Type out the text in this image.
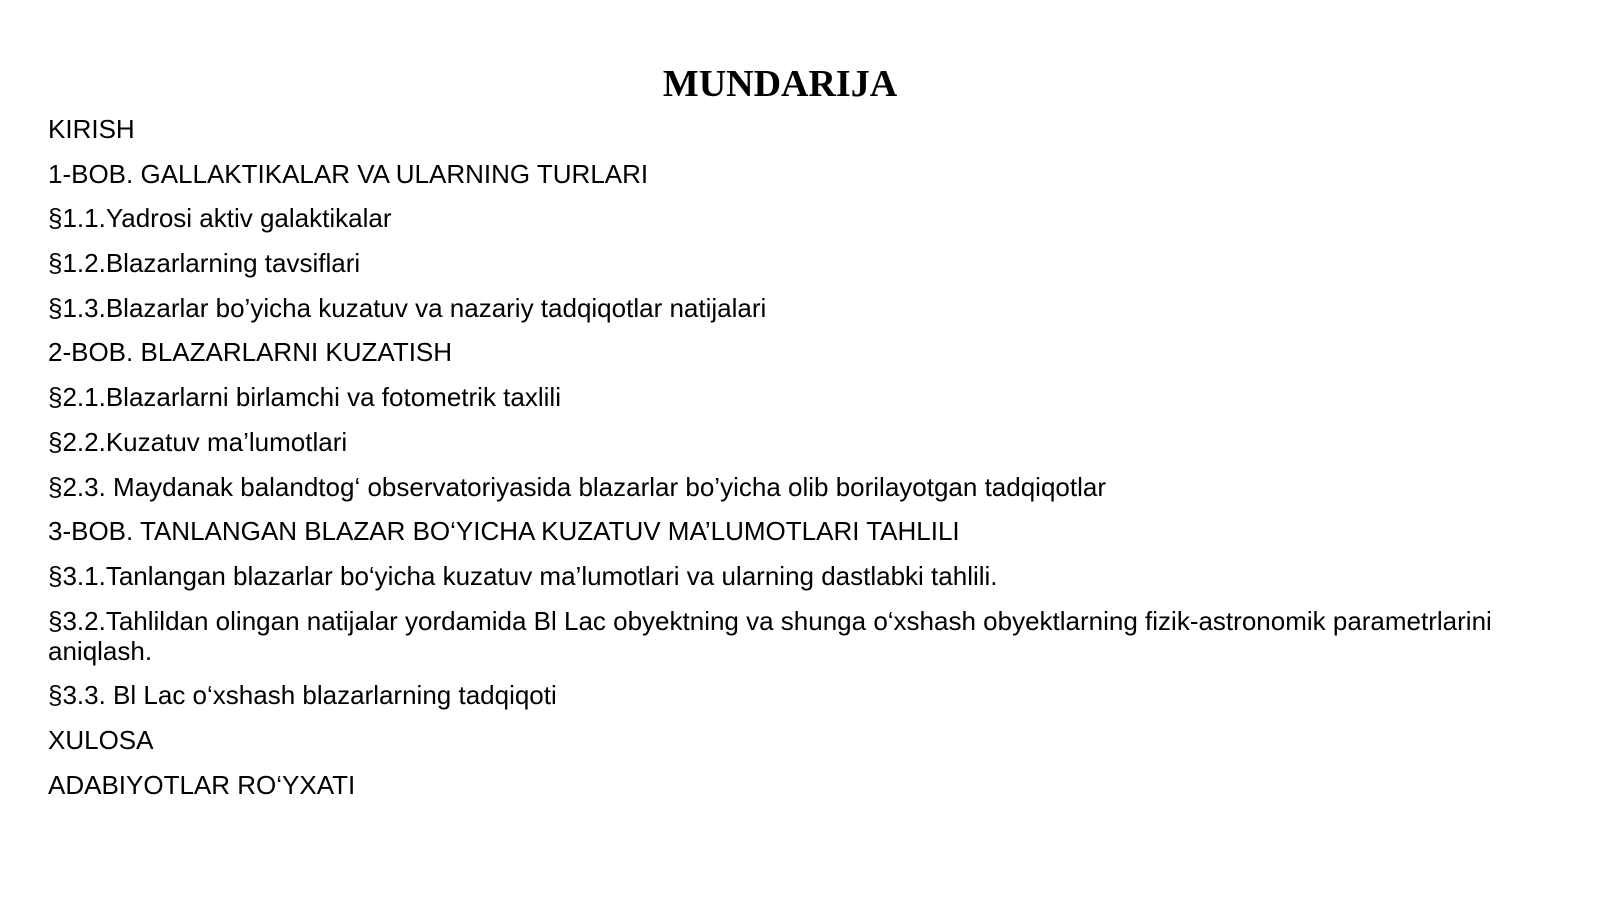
MUNDARIJA
KIRISH
1-BOB. GALLAKTIKALAR VA ULARNING TURLARI
§1.1.Yadrosi aktiv galaktikalar
§1.2.Blazarlarning tavsiflari
§1.3.Blazarlar bo’yicha kuzatuv va nazariy tadqiqotlar natijalari
2-BOB. BLAZARLARNI KUZATISH
§2.1.Blazarlarni birlamchi va fotometrik taxlili
§2.2.Kuzatuv ma’lumotlari
§2.3. Maydanak balandtog‘ observatoriyasida blazarlar bo’yicha olib borilayotgan tadqiqotlar
3-BOB. TANLANGAN BLAZAR BO‘YICHA KUZATUV MA’LUMOTLARI TAHLILI
§3.1.Tanlangan blazarlar bo‘yicha kuzatuv ma’lumotlari va ularning dastlabki tahlili.
§3.2.Tahlildan olingan natijalar yordamida Bl Lac obyektning va shunga o‘xshash obyektlarning fizik-astronomik parametrlarini aniqlash.
§3.3. Bl Lac o‘xshash blazarlarning tadqiqoti
XULOSA
ADABIYOTLAR RO‘YXATI
